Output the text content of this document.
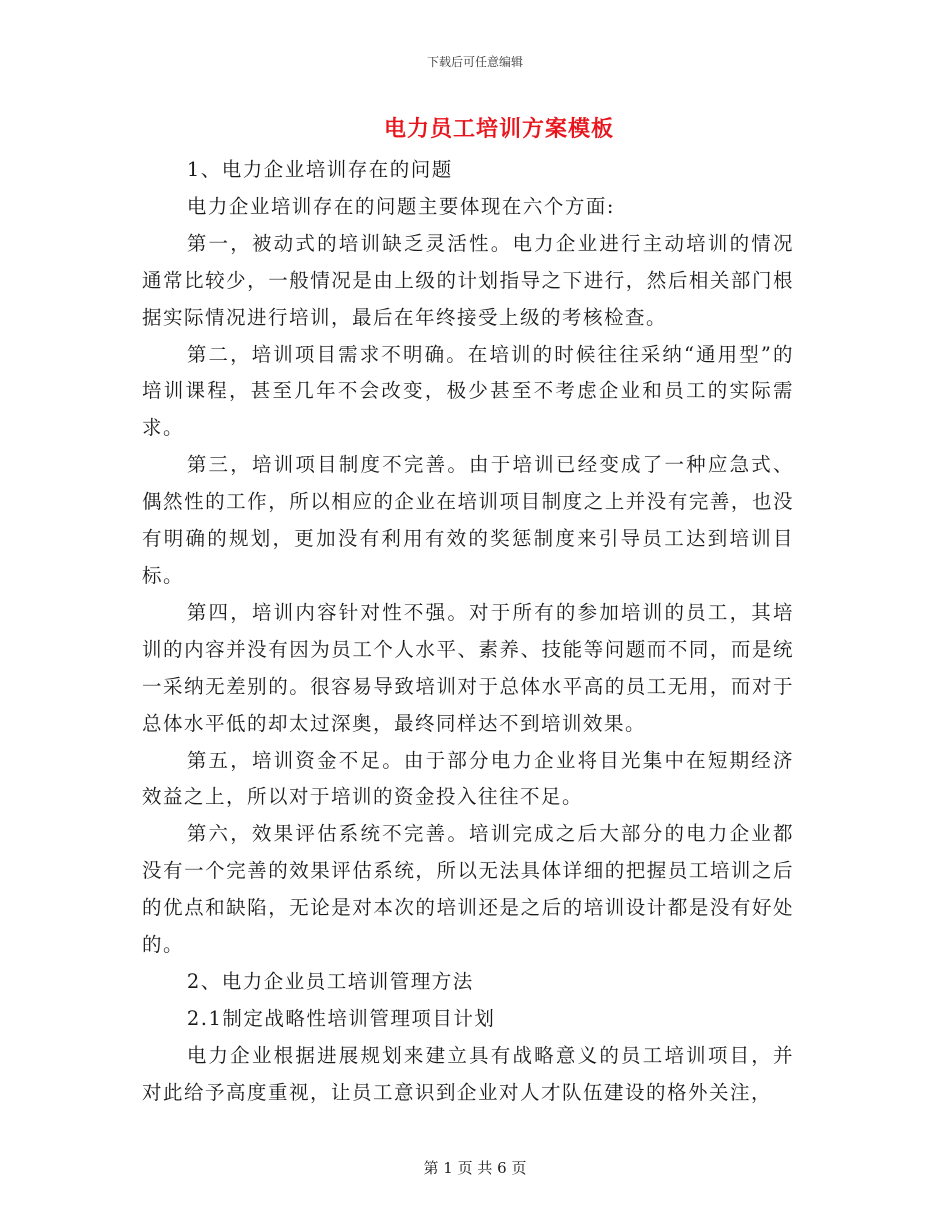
下载后可任意编辑
电力员工培训方案模板

1、电力企业培训存在的问题

电力企业培训存在的问题主要体现在六个方面:

第一，被动式的培训缺乏灵活性。电力企业进行主动培训的情况通常比较少，一般情况是由上级的计划指导之下进行，然后相关部门根据实际情况进行培训，最后在年终接受上级的考核检查。

第二，培训项目需求不明确。在培训的时候往往采纳“通用型”的培训课程，甚至几年不会改变，极少甚至不考虑企业和员工的实际需求。

第三，培训项目制度不完善。由于培训已经变成了一种应急式、偶然性的工作，所以相应的企业在培训项目制度之上并没有完善，也没有明确的规划，更加没有利用有效的奖惩制度来引导员工达到培训目标。

第四，培训内容针对性不强。对于所有的参加培训的员工，其培训的内容并没有因为员工个人水平、素养、技能等问题而不同，而是统一采纳无差别的。很容易导致培训对于总体水平高的员工无用，而对于总体水平低的却太过深奥，最终同样达不到培训效果。

第五，培训资金不足。由于部分电力企业将目光集中在短期经济效益之上，所以对于培训的资金投入往往不足。

第六，效果评估系统不完善。培训完成之后大部分的电力企业都没有一个完善的效果评估系统，所以无法具体详细的把握员工培训之后的优点和缺陷，无论是对本次的培训还是之后的培训设计都是没有好处的。

2、电力企业员工培训管理方法

2.1制定战略性培训管理项目计划

电力企业根据进展规划来建立具有战略意义的员工培训项目，并对此给予高度重视，让员工意识到企业对人才队伍建设的格外关注，

第 1 页 共 6 页
